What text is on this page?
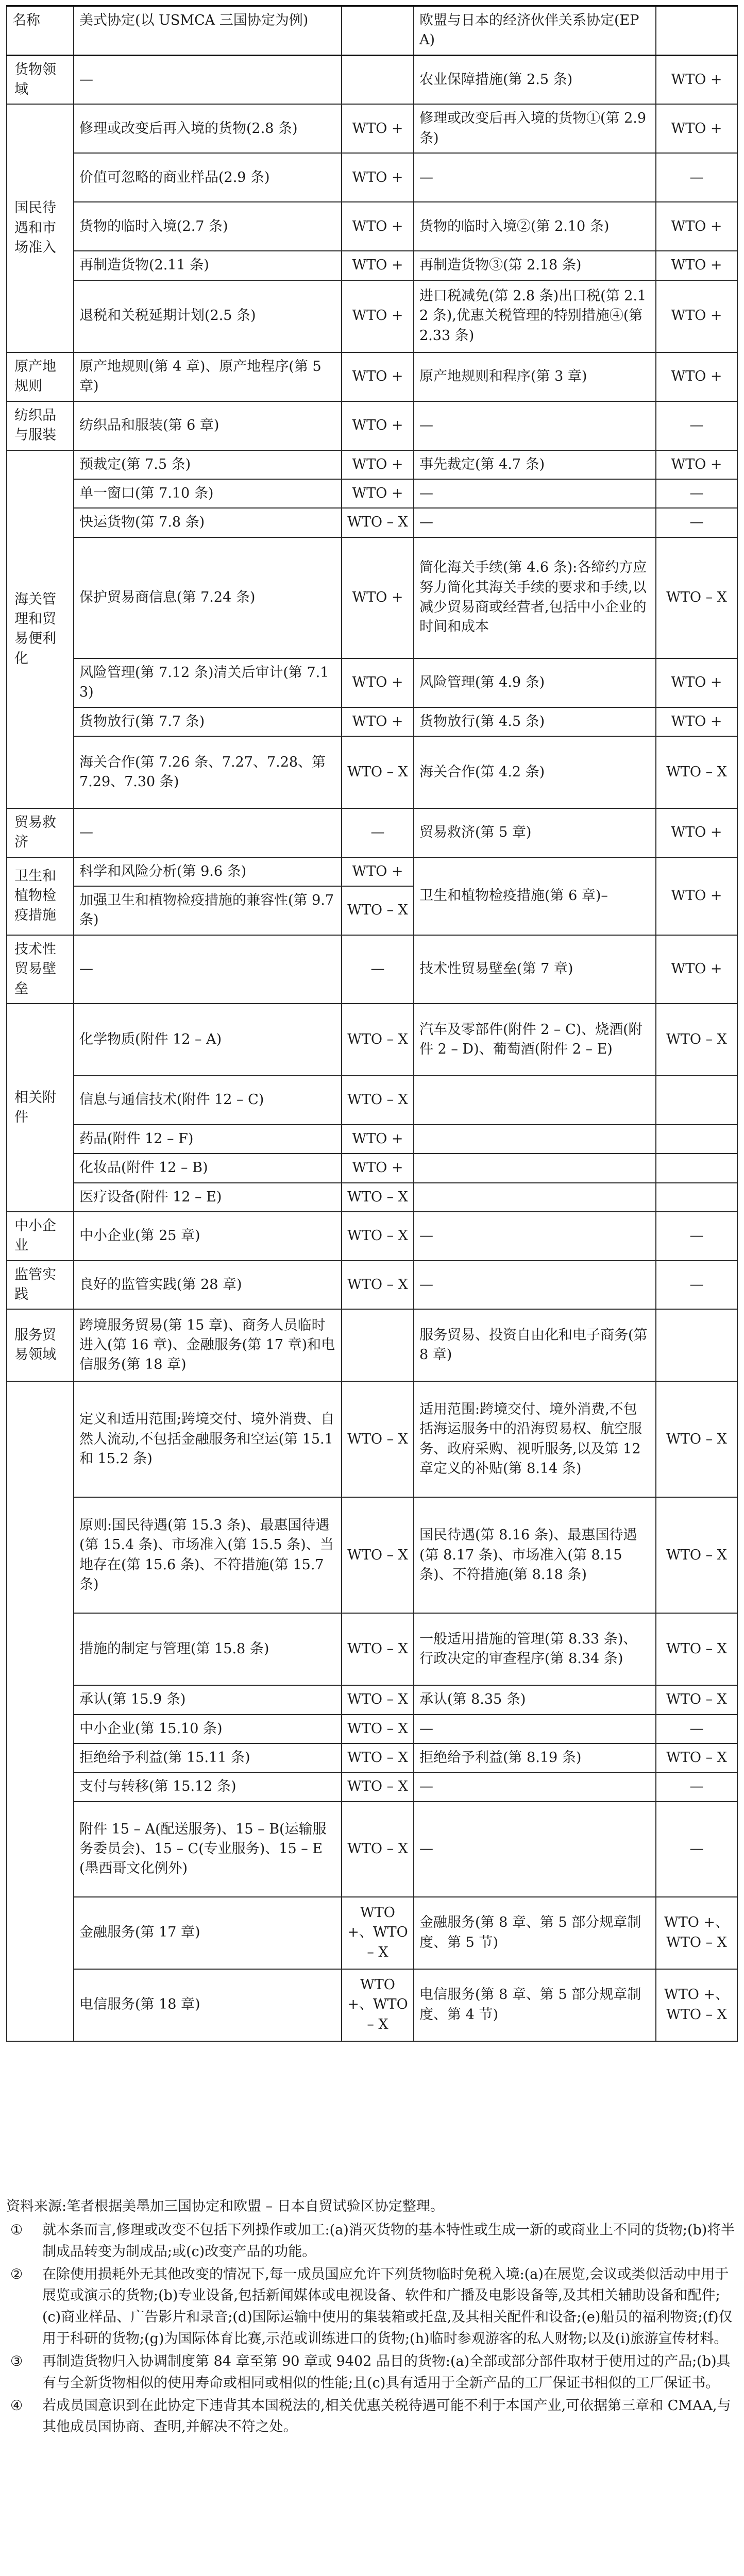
名称	美式协定(以 USMCA 三国协定为例)		欧盟与日本的经济伙伴关系协定(EPA)	
货物领域	—		农业保障措施(第 2.5 条)	WTO +
国民待遇和市场准入	修理或改变后再入境的货物(2.8 条)	WTO +	修理或改变后再入境的货物①(第 2.9 条)	WTO +
	价值可忽略的商业样品(2.9 条)	WTO +	—	—
	货物的临时入境(2.7 条)	WTO +	货物的临时入境②(第 2.10 条)	WTO +
	再制造货物(2.11 条)	WTO +	再制造货物③(第 2.18 条)	WTO +
	退税和关税延期计划(2.5 条)	WTO +	进口税减免(第 2.8 条)出口税(第 2.12 条),优惠关税管理的特别措施④(第 2.33 条)	WTO +
原产地规则	原产地规则(第 4 章)、原产地程序(第 5 章)	WTO +	原产地规则和程序(第 3 章)	WTO +
纺织品与服装	纺织品和服装(第 6 章)	WTO +	—	—
海关管理和贸易便利化	预裁定(第 7.5 条)	WTO +	事先裁定(第 4.7 条)	WTO +
	单一窗口(第 7.10 条)	WTO +	—	—
	快运货物(第 7.8 条)	WTO – X	—	—
	保护贸易商信息(第 7.24 条)	WTO +	简化海关手续(第 4.6 条):各缔约方应努力简化其海关手续的要求和手续,以减少贸易商或经营者,包括中小企业的时间和成本	WTO – X
	风险管理(第 7.12 条)清关后审计(第 7.13)	WTO +	风险管理(第 4.9 条)	WTO +
	货物放行(第 7.7 条)	WTO +	货物放行(第 4.5 条)	WTO +
	海关合作(第 7.26 条、7.27、7.28、第 7.29、7.30 条)	WTO – X	海关合作(第 4.2 条)	WTO – X
贸易救济	—	—	贸易救济(第 5 章)	WTO +
卫生和植物检疫措施	科学和风险分析(第 9.6 条)	WTO +	卫生和植物检疫措施(第 6 章)–	WTO +
	加强卫生和植物检疫措施的兼容性(第 9.7 条)	WTO – X		
技术性贸易壁垒	—	—	技术性贸易壁垒(第 7 章)	WTO +
相关附件	化学物质(附件 12 – A)	WTO – X	汽车及零部件(附件 2 – C)、烧酒(附件 2 – D)、葡萄酒(附件 2 – E)	WTO – X
	信息与通信技术(附件 12 – C)	WTO – X		
	药品(附件 12 – F)	WTO +		
	化妆品(附件 12 – B)	WTO +		
	医疗设备(附件 12 – E)	WTO – X		
中小企业	中小企业(第 25 章)	WTO – X	—	—
监管实践	良好的监管实践(第 28 章)	WTO – X	—	—
服务贸易领域	跨境服务贸易(第 15 章)、商务人员临时进入(第 16 章)、金融服务(第 17 章)和电信服务(第 18 章)		服务贸易、投资自由化和电子商务(第 8 章)	
	定义和适用范围;跨境交付、境外消费、自然人流动,不包括金融服务和空运(第 15.1 和 15.2 条)	WTO – X	适用范围:跨境交付、境外消费,不包括海运服务中的沿海贸易权、航空服务、政府采购、视听服务,以及第 12 章定义的补贴(第 8.14 条)	WTO – X
	原则:国民待遇(第 15.3 条)、最惠国待遇(第 15.4 条)、市场准入(第 15.5 条)、当地存在(第 15.6 条)、不符措施(第 15.7 条)	WTO – X	国民待遇(第 8.16 条)、最惠国待遇(第 8.17 条)、市场准入(第 8.15 条)、不符措施(第 8.18 条)	WTO – X
	措施的制定与管理(第 15.8 条)	WTO – X	一般适用措施的管理(第 8.33 条)、行政决定的审查程序(第 8.34 条)	WTO – X
	承认(第 15.9 条)	WTO – X	承认(第 8.35 条)	WTO – X
	中小企业(第 15.10 条)	WTO – X	—	—
	拒绝给予利益(第 15.11 条)	WTO – X	拒绝给予利益(第 8.19 条)	WTO – X
	支付与转移(第 15.12 条)	WTO – X	—	—
	附件 15 – A(配送服务)、15 – B(运输服务委员会)、15 – C(专业服务)、15 – E(墨西哥文化例外)	WTO – X	—	—
	金融服务(第 17 章)	WTO +、WTO – X	金融服务(第 8 章、第 5 部分规章制度、第 5 节)	WTO +、WTO – X
	电信服务(第 18 章)	WTO +、WTO – X	电信服务(第 8 章、第 5 部分规章制度、第 4 节)	WTO +、WTO – X

资料来源:笔者根据美墨加三国协定和欧盟 – 日本自贸试验区协定整理。

①	就本条而言,修理或改变不包括下列操作或加工:(a)消灭货物的基本特性或生成一新的或商业上不同的货物;(b)将半制成品转变为制成品;或(c)改变产品的功能。
②	在除使用损耗外无其他改变的情况下,每一成员国应允许下列货物临时免税入境:(a)在展览,会议或类似活动中用于展览或演示的货物;(b)专业设备,包括新闻媒体或电视设备、软件和广播及电影设备等,及其相关辅助设备和配件;(c)商业样品、广告影片和录音;(d)国际运输中使用的集装箱或托盘,及其相关配件和设备;(e)船员的福利物资;(f)仅用于科研的货物;(g)为国际体育比赛,示范或训练进口的货物;(h)临时参观游客的私人财物;以及(i)旅游宣传材料。
③	再制造货物归入协调制度第 84 章至第 90 章或 9402 品目的货物:(a)全部或部分部件取材于使用过的产品;(b)具有与全新货物相似的使用寿命或相同或相似的性能;且(c)具有适用于全新产品的工厂保证书相似的工厂保证书。
④	若成员国意识到在此协定下违背其本国税法的,相关优惠关税待遇可能不利于本国产业,可依据第三章和 CMAA,与其他成员国协商、查明,并解决不符之处。
